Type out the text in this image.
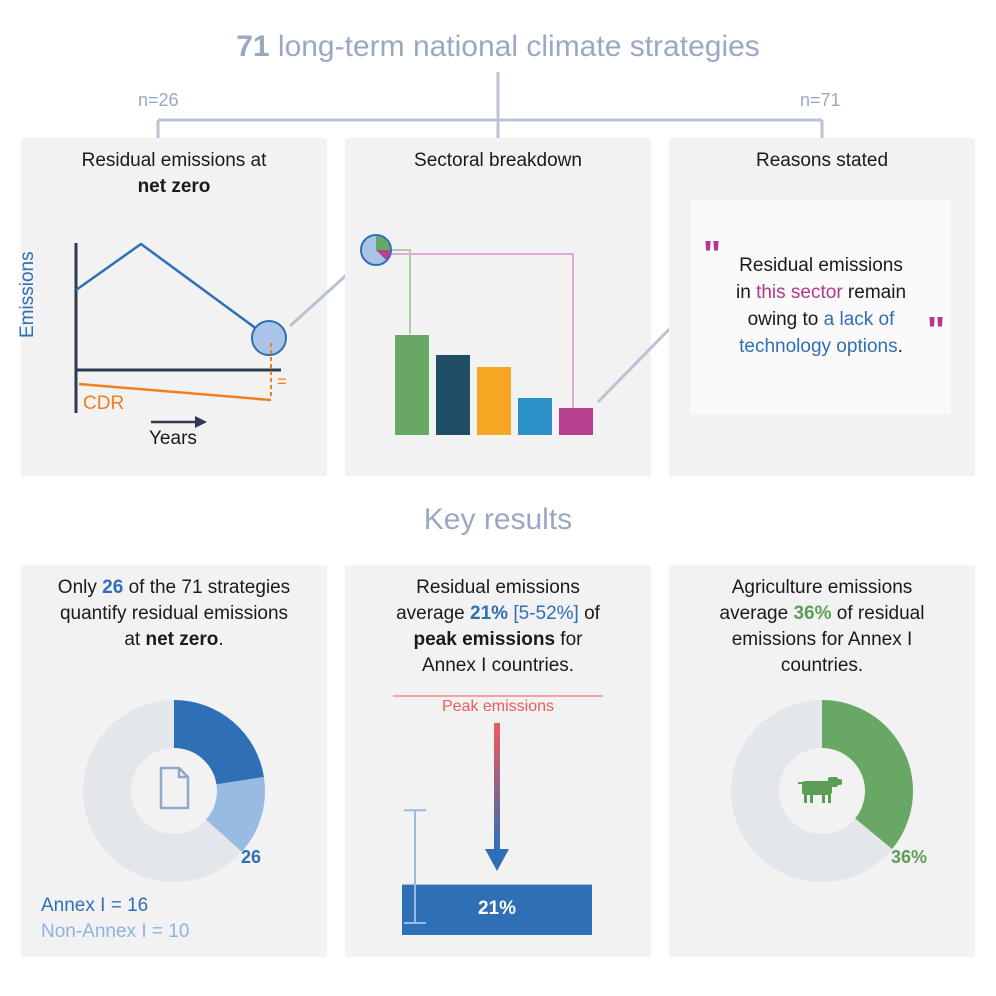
71 long-term national climate strategies
n=26	n=71
Residual emissions at
net zero
Emissions
CDR
=
Years
Sectoral breakdown	Reasons stated
" Residual emissions
in this sector remain
owing to a lack of
technology options. "
Key results
Only 26 of the 71 strategies
quantify residual emissions
at net zero.
26
Annex I = 16
Non-Annex I = 10
Residual emissions
average 21% [5-52%] of
peak emissions for
Annex I countries.
Peak emissions
21%
Agriculture emissions
average 36% of residual
emissions for Annex I
countries.
36%
